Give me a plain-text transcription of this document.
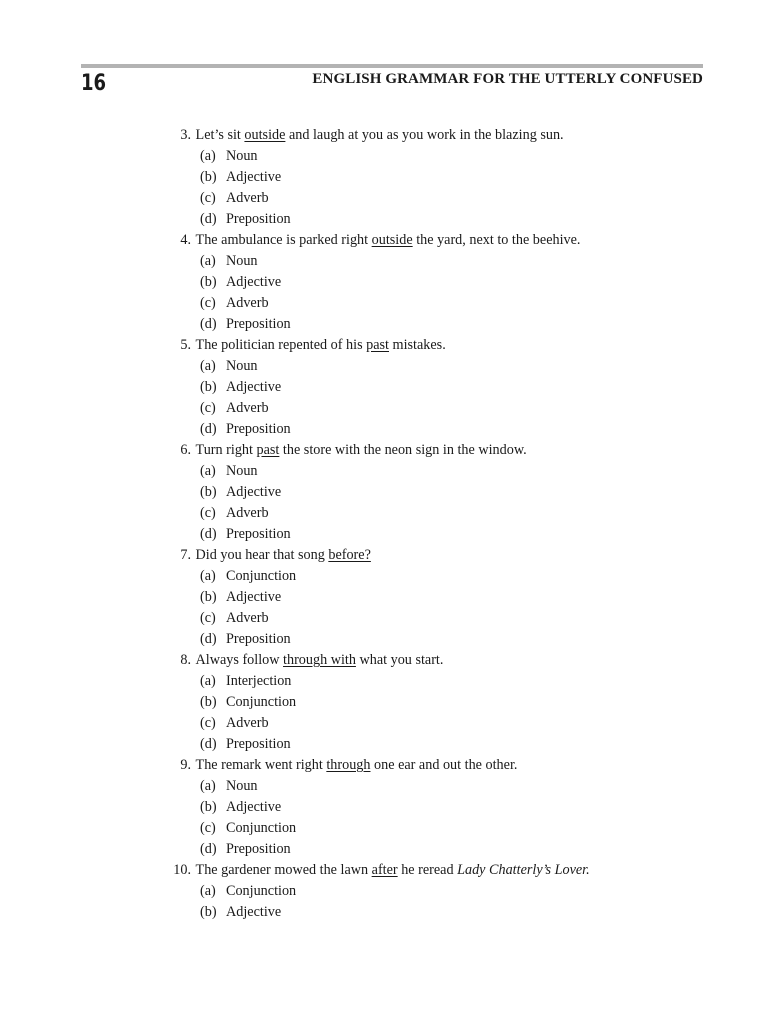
16	ENGLISH GRAMMAR FOR THE UTTERLY CONFUSED
3.
Let’s sit outside and laugh at you as you work in the blazing sun.
(a) Noun
(b) Adjective
(c) Adverb
(d) Preposition
4.
The ambulance is parked right outside the yard, next to the beehive.
(a) Noun
(b) Adjective
(c) Adverb
(d) Preposition
5.
The politician repented of his past mistakes.
(a) Noun
(b) Adjective
(c) Adverb
(d) Preposition
6.
Turn right past the store with the neon sign in the window.
(a) Noun
(b) Adjective
(c) Adverb
(d) Preposition
7.
Did you hear that song before?
(a) Conjunction
(b) Adjective
(c) Adverb
(d) Preposition
8.
Always follow through with what you start.
(a) Interjection
(b) Conjunction
(c) Adverb
(d) Preposition
9.
The remark went right through one ear and out the other.
(a) Noun
(b) Adjective
(c) Conjunction
(d) Preposition
10.
The gardener mowed the lawn after he reread Lady Chatterly’s Lover.
(a) Conjunction
(b) Adjective
